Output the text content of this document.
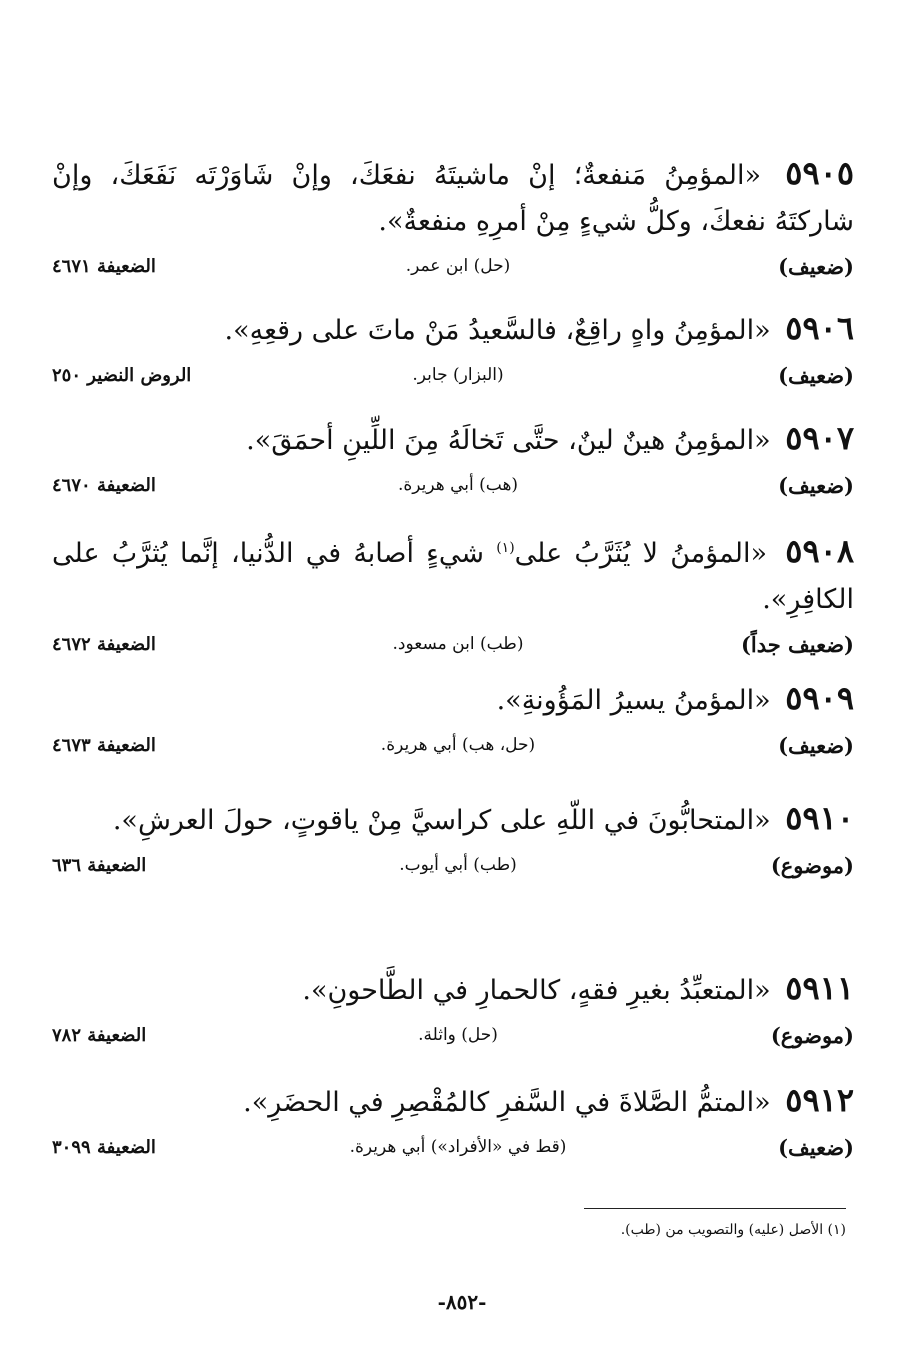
٥٩٠٥ «المؤمِنُ مَنفعةٌ؛ إنْ ماشيتَهُ نفعَكَ، وإنْ شَاوَرْتَه نَفَعَكَ، وإنْ شاركتَهُ نفعكَ، وكلُّ شيءٍ مِنْ أمرِهِ منفعةٌ».
(ضعيف)
(حل) ابن عمر.
الضعيفة ٤٦٧١
٥٩٠٦ «المؤمِنُ واهٍ راقِعٌ، فالسَّعيدُ مَنْ ماتَ على رقعِهِ».
(ضعيف)
(البزار) جابر.
الروض النضير ٢٥٠
٥٩٠٧ «المؤمِنُ هينٌ لينٌ، حتَّى تَخالَهُ مِنَ اللِّينِ أحمَقَ».
(ضعيف)
(هب) أبي هريرة.
الضعيفة ٤٦٧٠
٥٩٠٨ «المؤمنُ لا يُثَرَّبُ على$^{(١)}$ شيءٍ أصابهُ في الدُّنيا، إنَّما يُثرَّبُ على الكافِرِ».
(ضعيف جداً)
(طب) ابن مسعود.
الضعيفة ٤٦٧٢
٥٩٠٩ «المؤمنُ يسيرُ المَؤُونةِ».
(ضعيف)
(حل، هب) أبي هريرة.
الضعيفة ٤٦٧٣
٥٩١٠ «المتحابُّونَ في اللّهِ على كراسيَّ مِنْ ياقوتٍ، حولَ العرشِ».
(موضوع)
(طب) أبي أيوب.
الضعيفة ٦٣٦
٥٩١١ «المتعبِّدُ بغيرِ فقهٍ، كالحمارِ في الطَّاحونِ».
(موضوع)
(حل) واثلة.
الضعيفة ٧٨٢
٥٩١٢ «المتمُّ الصَّلاةَ في السَّفرِ كالمُقْصِرِ في الحضَرِ».
(ضعيف)
(قط في «الأفراد») أبي هريرة.
الضعيفة ٣٠٩٩
(١) الأصل (عليه) والتصويب من (طب).
-٨٥٢-
